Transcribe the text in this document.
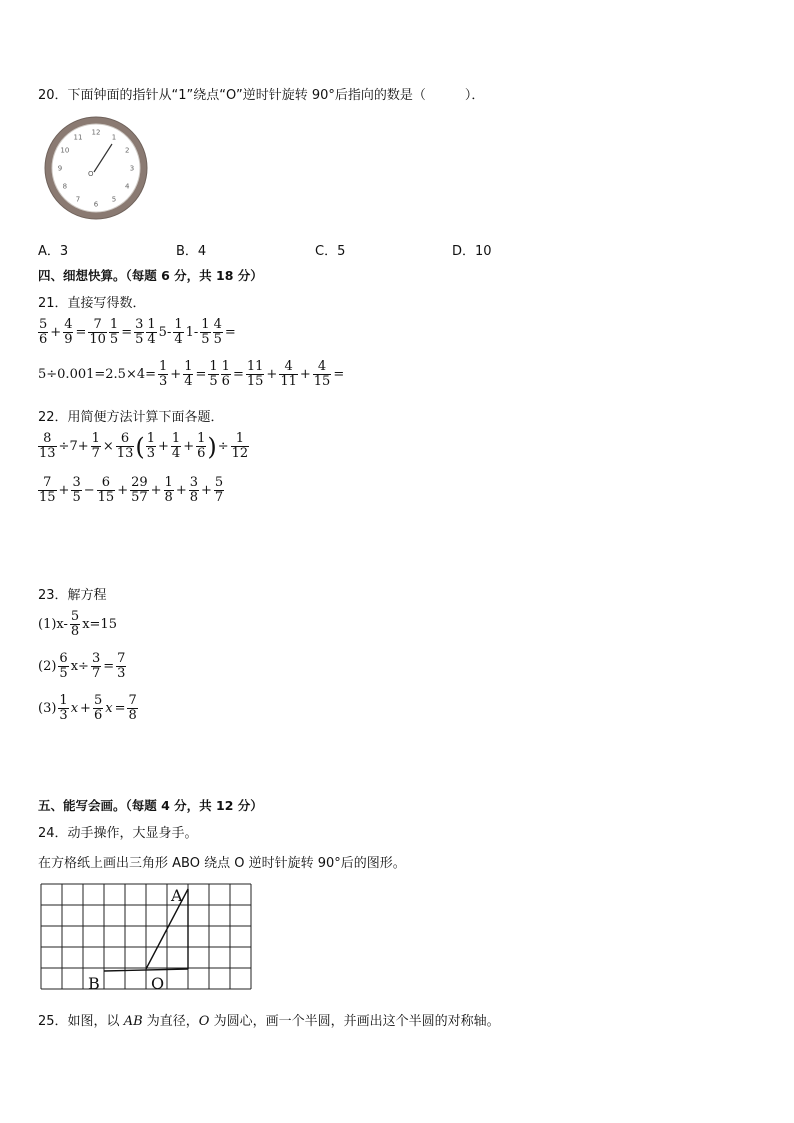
20．下面钟面的指针从“1”绕点“O”逆时针旋转 90°后指向的数是（　　　）．
12
1
2
3
4
5
6
7
8
9
10
11
O
A．3	B．4	C．5	D．10
四、细想快算。（每题 6 分，共 18 分）
21．直接写得数．
$\frac{5}{6} + \frac{4}{9} = \frac{7}{10} \frac{1}{5} = \frac{3}{5} \frac{1}{4} 5- \frac{1}{4} 1- \frac{1}{5} \frac{4}{5}$ =
$5\div 0.001=2.5\times 4= \frac{1}{3} + \frac{1}{4} = \frac{1}{5} \frac{1}{6} = \frac{11}{15} + \frac{4}{11} + \frac{4}{15}$ =
22．用简便方法计算下面各题．
$\frac{8}{13} \div 7+ \frac{1}{7} \times \frac{6}{13}$ ( $\frac{1}{3} + \frac{1}{4} + \frac{1}{6}$ ) ÷ $\frac{1}{12}$
$\frac{7}{15} + \frac{3}{5} - \frac{6}{15} + \frac{29}{57} + \frac{1}{8} + \frac{3}{8} + \frac{5}{7}$
23．解方程
$(1)x- \frac{5}{8} x=15$
$(2) \frac{6}{5} x\div \frac{3}{7} = \frac{7}{3}$
$(3) \frac{1}{3}$ $x + \frac{5}{6}$ $x = \frac{7}{8}$
五、能写会画。（每题 4 分，共 12 分）
24．动手操作，大显身手。
在方格纸上画出三角形 ABO 绕点 O 逆时针旋转 90°后的图形。
A
B	O
25．如图，以 AB 为直径，O 为圆心，画一个半圆，并画出这个半圆的对称轴。
